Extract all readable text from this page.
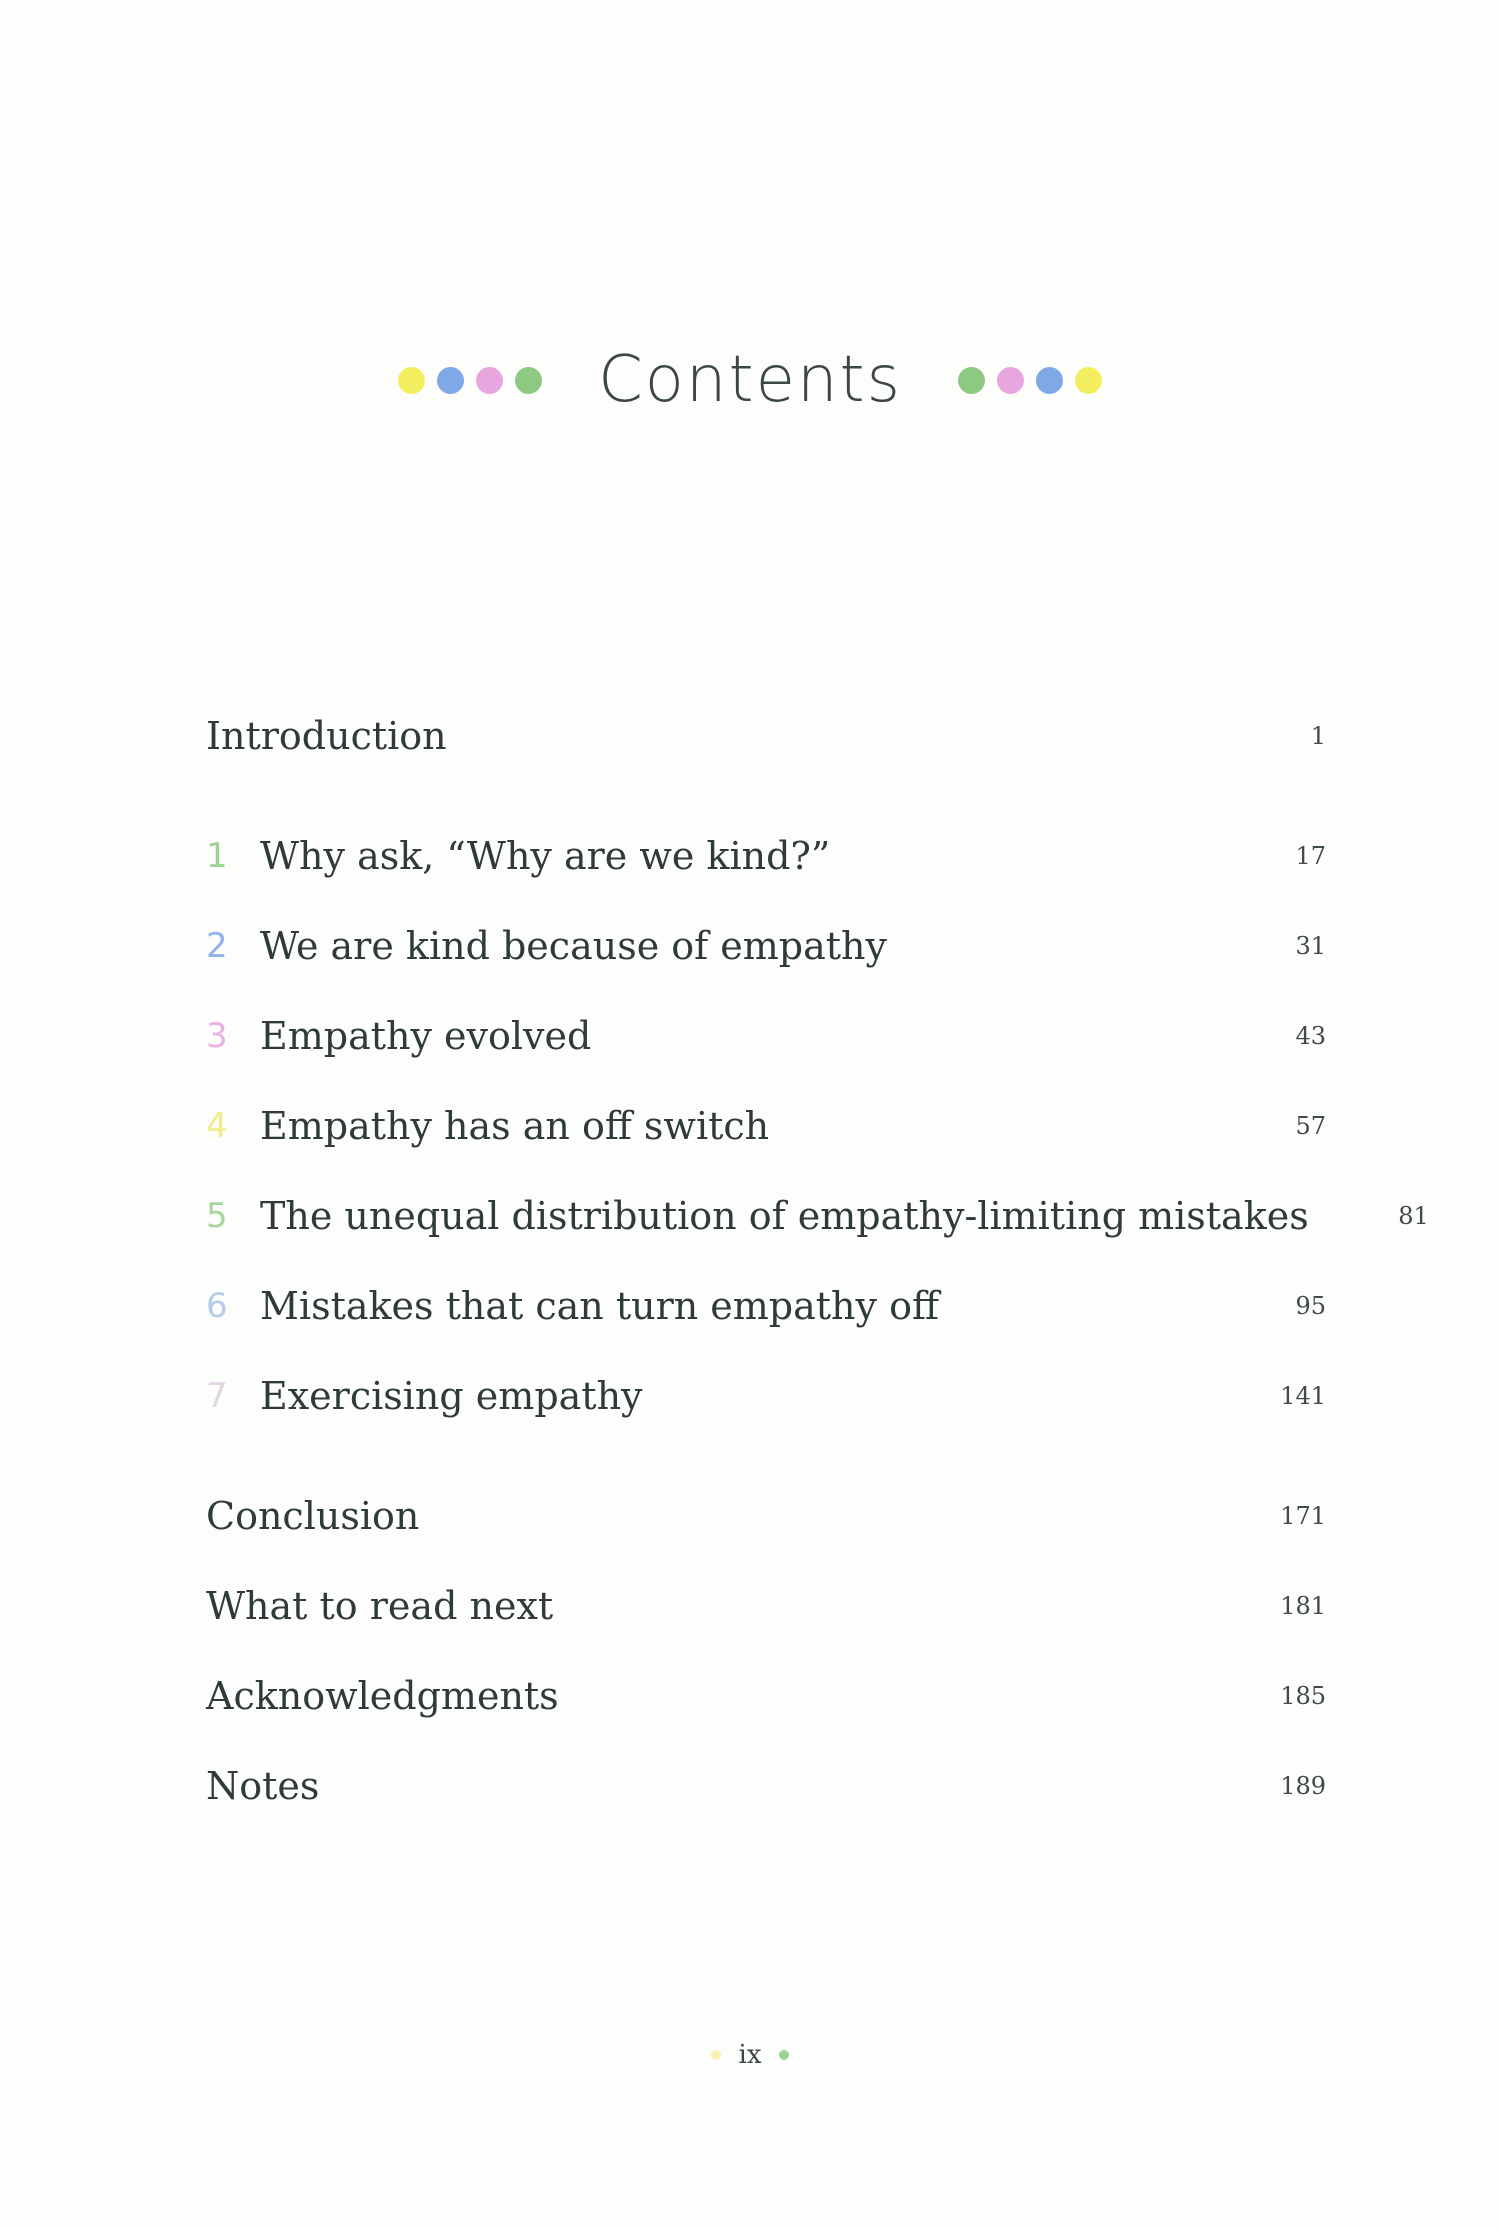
Contents
Introduction	1
1 Why ask, “Why are we kind?”	17
2 We are kind because of empathy	31
3 Empathy evolved	43
4 Empathy has an off switch	57
5 The unequal distribution of empathy-limiting mistakes	81
6 Mistakes that can turn empathy off	95
7 Exercising empathy	141
Conclusion	171
What to read next	181
Acknowledgments	185
Notes	189
ix
